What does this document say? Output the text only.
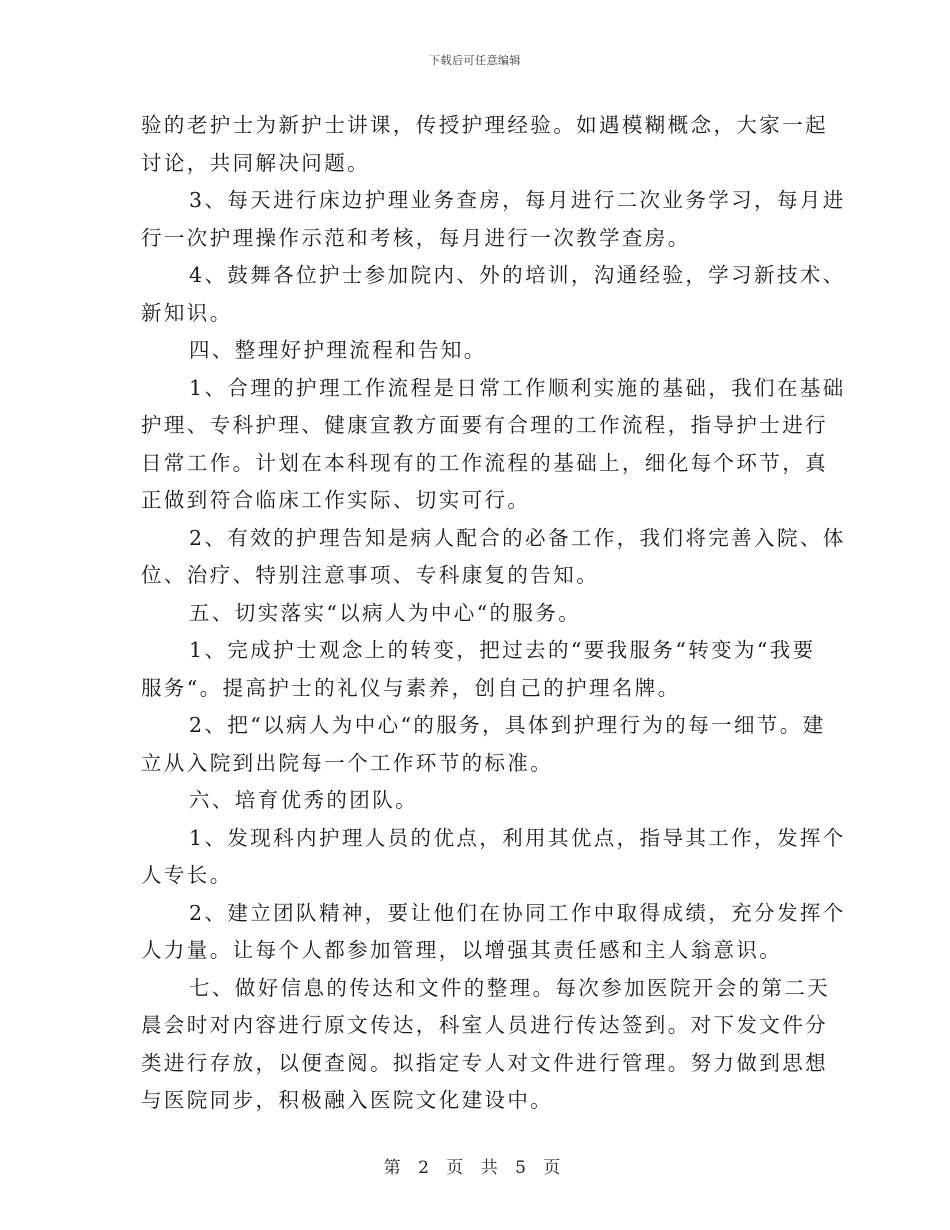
下载后可任意编辑
验的老护士为新护士讲课，传授护理经验。如遇模糊概念，大家一起
讨论，共同解决问题。
3、每天进行床边护理业务查房，每月进行二次业务学习，每月进
行一次护理操作示范和考核，每月进行一次教学查房。
4、鼓舞各位护士参加院内、外的培训，沟通经验，学习新技术、
新知识。
四、整理好护理流程和告知。
1、合理的护理工作流程是日常工作顺利实施的基础，我们在基础
护理、专科护理、健康宣教方面要有合理的工作流程，指导护士进行
日常工作。计划在本科现有的工作流程的基础上，细化每个环节，真
正做到符合临床工作实际、切实可行。
2、有效的护理告知是病人配合的必备工作，我们将完善入院、体
位、治疗、特别注意事项、专科康复的告知。
五、切实落实“以病人为中心“的服务。
1、完成护士观念上的转变，把过去的“要我服务“转变为“我要
服务“。提高护士的礼仪与素养，创自己的护理名牌。
2、把“以病人为中心“的服务，具体到护理行为的每一细节。建
立从入院到出院每一个工作环节的标准。
六、培育优秀的团队。
1、发现科内护理人员的优点，利用其优点，指导其工作，发挥个
人专长。
2、建立团队精神，要让他们在协同工作中取得成绩，充分发挥个
人力量。让每个人都参加管理，以增强其责任感和主人翁意识。
七、做好信息的传达和文件的整理。每次参加医院开会的第二天
晨会时对内容进行原文传达，科室人员进行传达签到。对下发文件分
类进行存放，以便查阅。拟指定专人对文件进行管理。努力做到思想
与医院同步，积极融入医院文化建设中。
第 2 页 共 5 页
